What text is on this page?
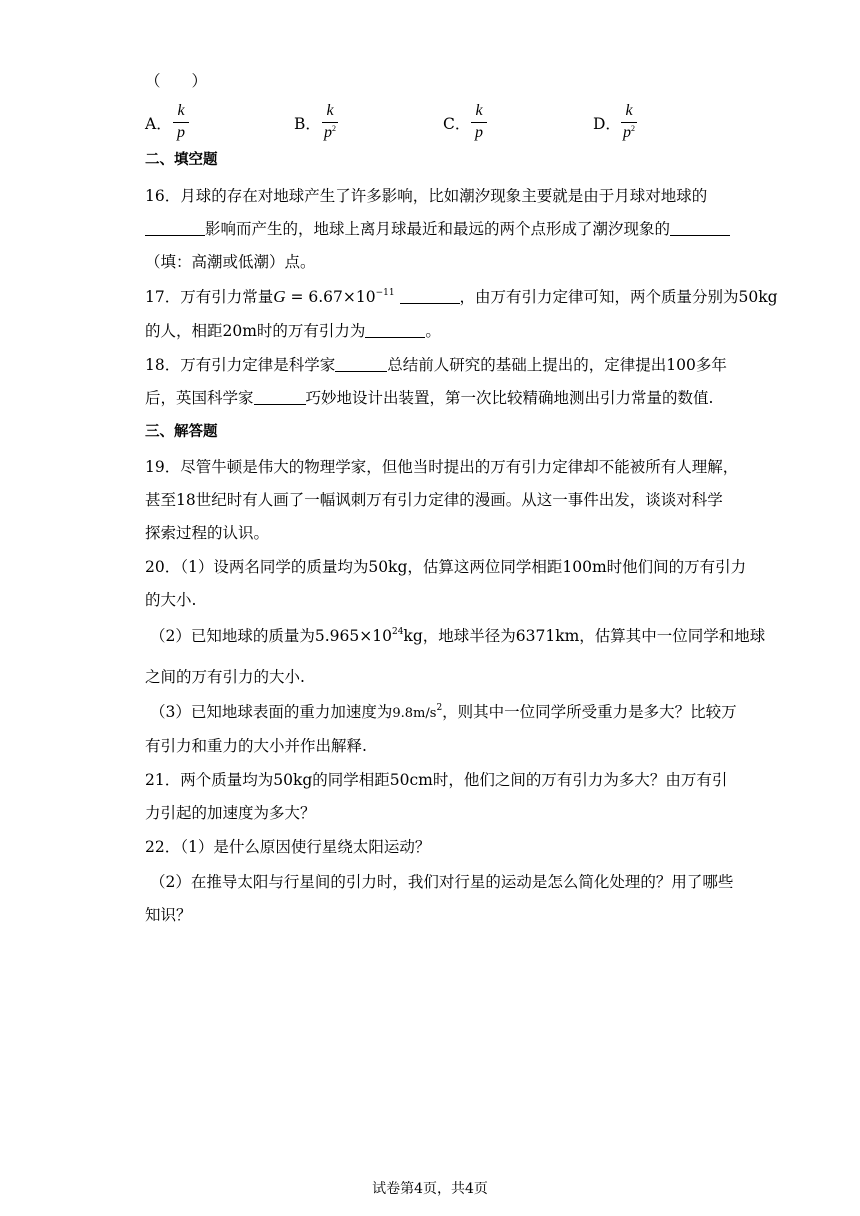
（　　）
A．
k
p	B．
k
$p^2$	C．
k
p	D．
k
$p^2$
二、填空题
16．月球的存在对地球产生了许多影响，比如潮汐现象主要就是由于月球对地球的
影响而产生的，地球上离月球最近和最远的两个点形成了潮汐现象的
（填：高潮或低潮）点。
17．万有引力常量$G = 6.67\times 10^{-11}$	，由万有引力定律可知，两个质量分别为50kg
的人，相距20m时的万有引力为	。
18．万有引力定律是科学家	总结前人研究的基础上提出的，定律提出100多年
后，英国科学家	巧妙地设计出装置，第一次比较精确地测出引力常量的数值.
三、解答题
19．尽管牛顿是伟大的物理学家，但他当时提出的万有引力定律却不能被所有人理解，
甚至18世纪时有人画了一幅讽刺万有引力定律的漫画。从这一事件出发，谈谈对科学
探索过程的认识。
20．（1）设两名同学的质量均为50kg，估算这两位同学相距100m时他们间的万有引力
的大小.
（2）已知地球的质量为$5.965\times 10^{24}kg$，地球半径为6371km，估算其中一位同学和地球
之间的万有引力的大小.
（3）已知地球表面的重力加速度为$9.8m/s^2$，则其中一位同学所受重力是多大？比较万
有引力和重力的大小并作出解释.
21．两个质量均为50kg的同学相距50cm时，他们之间的万有引力为多大？由万有引
力引起的加速度为多大？
22．（1）是什么原因使行星绕太阳运动？
（2）在推导太阳与行星间的引力时，我们对行星的运动是怎么简化处理的？用了哪些
知识？
试卷第4页，共4页
